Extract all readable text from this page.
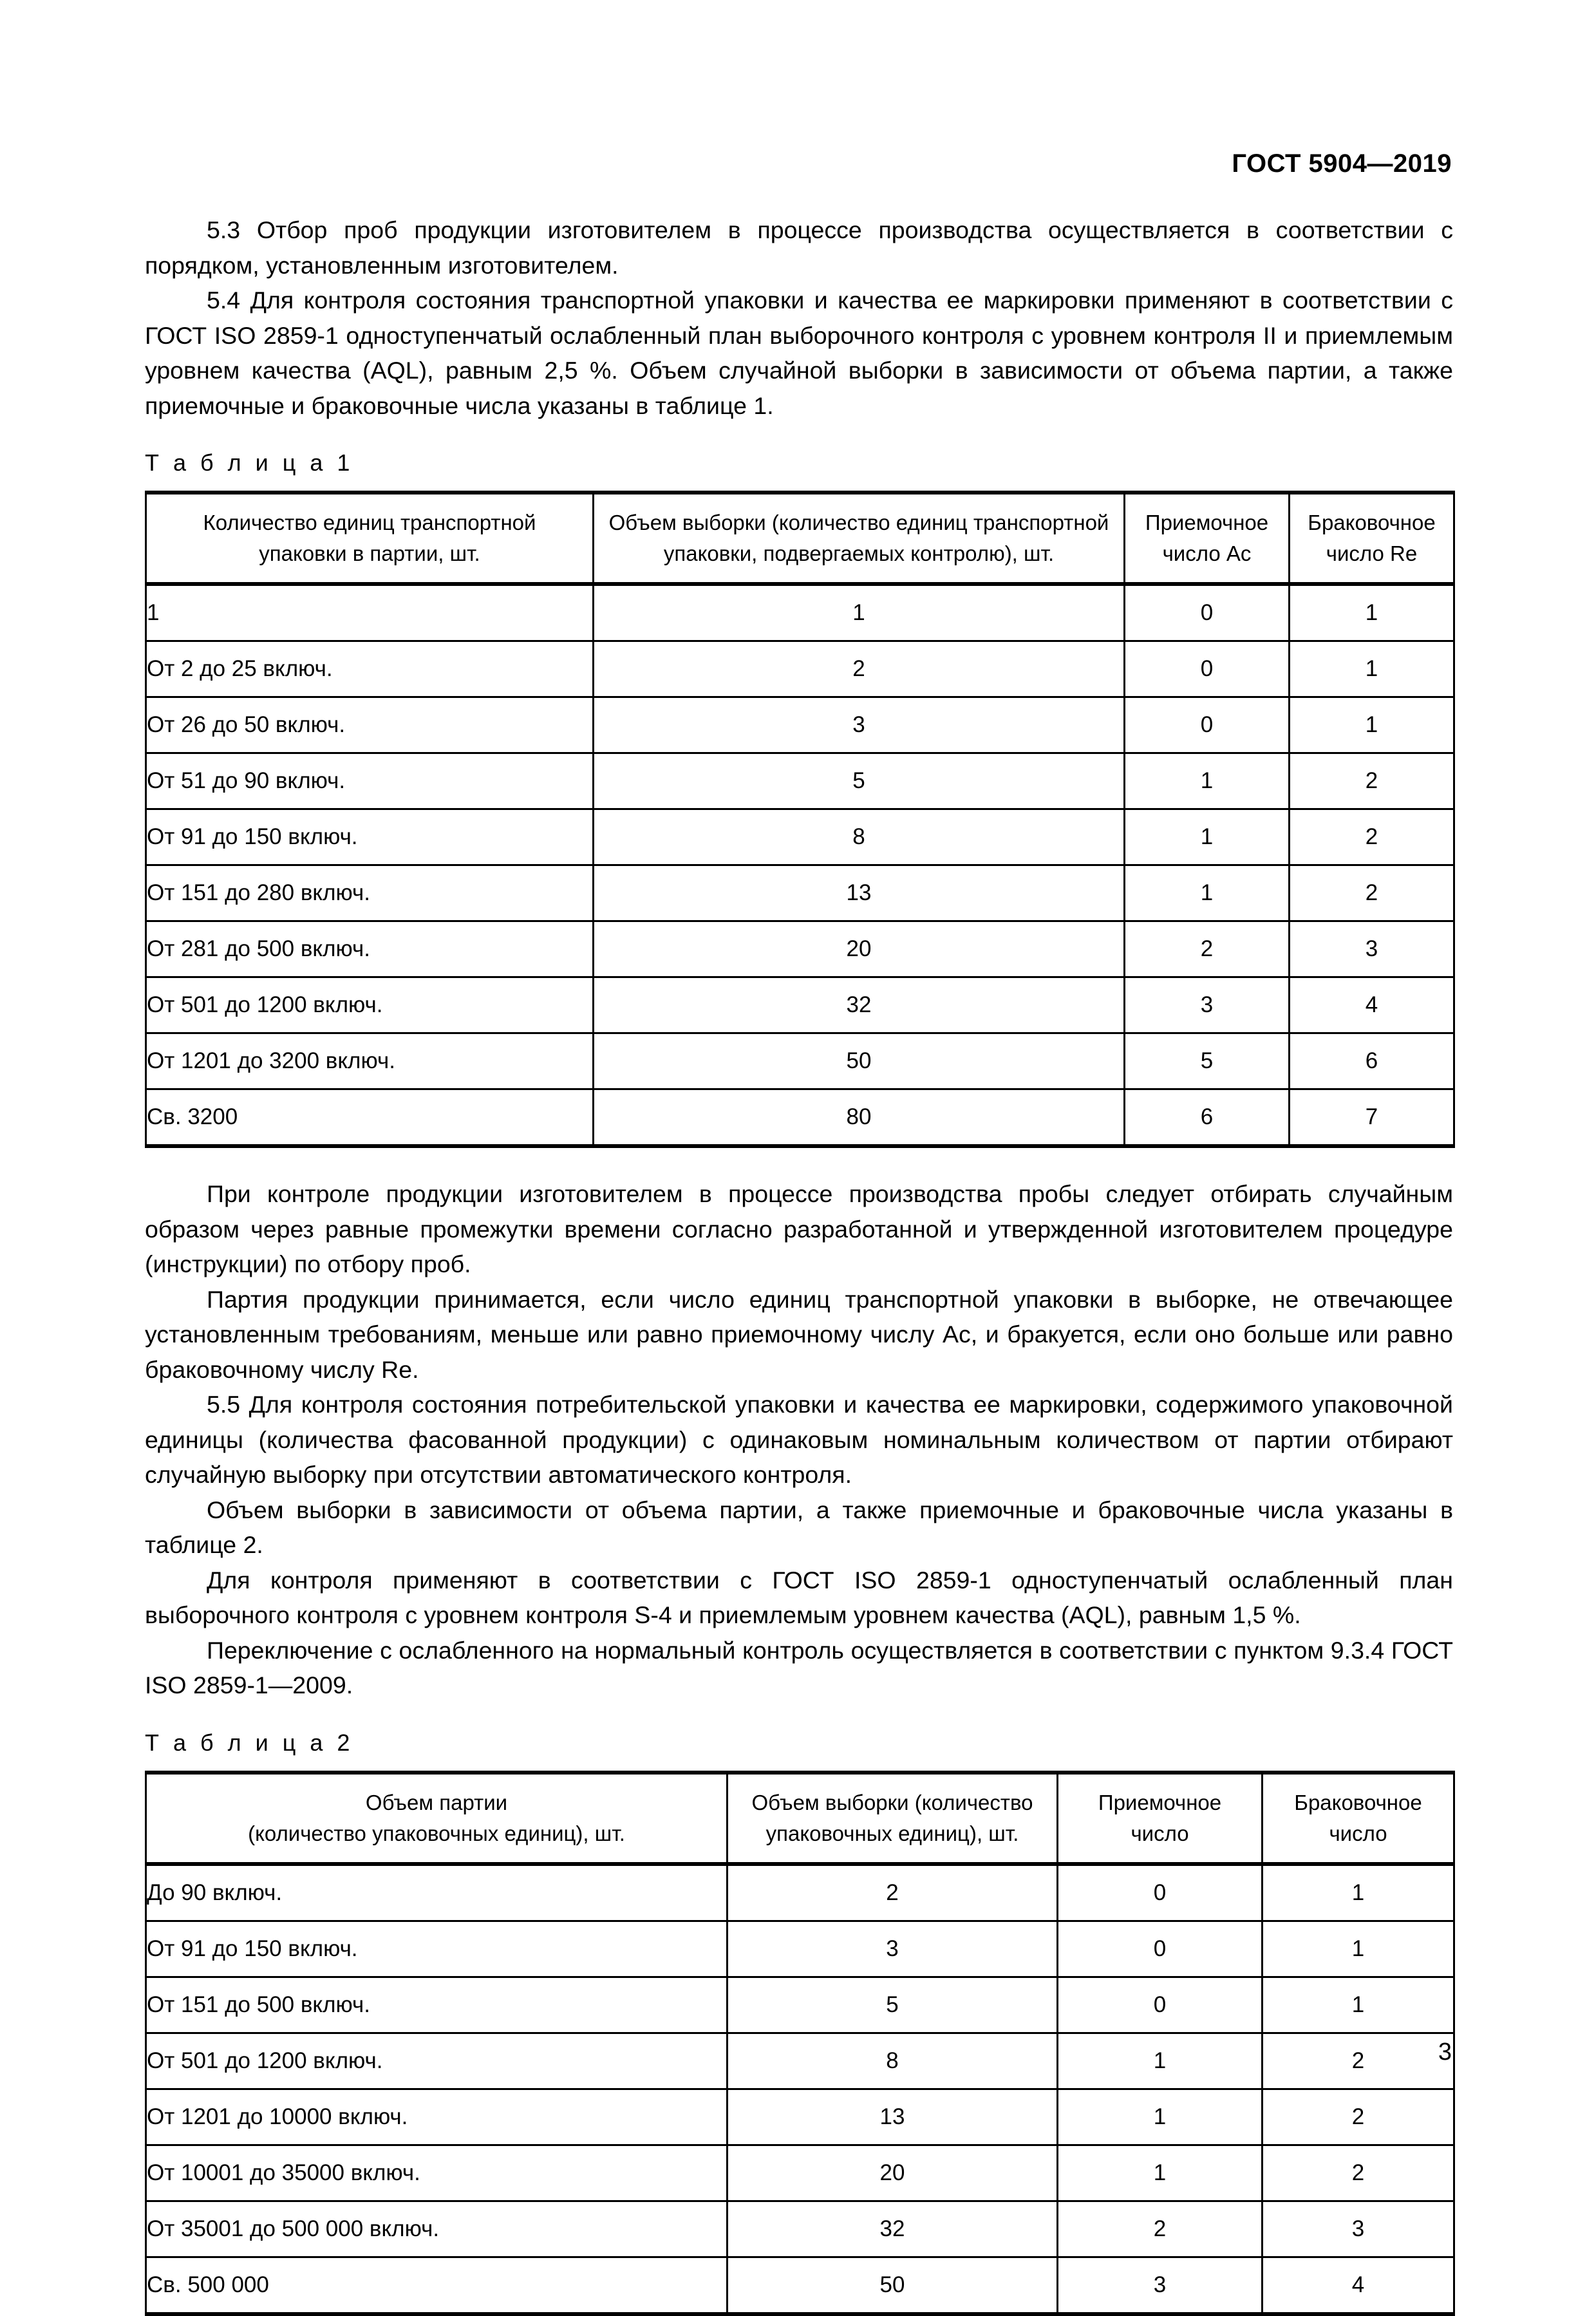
ГОСТ 5904—2019

5.3 Отбор проб продукции изготовителем в процессе производства осуществляется в соответствии с порядком, установленным изготовителем.

5.4 Для контроля состояния транспортной упаковки и качества ее маркировки применяют в соответствии с ГОСТ ISO 2859-1 одноступенчатый ослабленный план выборочного контроля с уровнем контроля II и приемлемым уровнем качества (AQL), равным 2,5 %. Объем случайной выборки в зависимости от объема партии, а также приемочные и браковочные числа указаны в таблице 1.

Т а б л и ц а 1

Количество единиц транспортной
упаковки в партии, шт.	Объем выборки (количество единиц транспортной
упаковки, подвергаемых контролю), шт.	Приемочное
число Ac	Браковочное
число Re
1	1	0	1
От 2 до 25 включ.	2	0	1
От 26 до 50 включ.	3	0	1
От 51 до 90 включ.	5	1	2
От 91 до 150 включ.	8	1	2
От 151 до 280 включ.	13	1	2
От 281 до 500 включ.	20	2	3
От 501 до 1200 включ.	32	3	4
От 1201 до 3200 включ.	50	5	6
Св. 3200	80	6	7

При контроле продукции изготовителем в процессе производства пробы следует отбирать случайным образом через равные промежутки времени согласно разработанной и утвержденной изготовителем процедуре (инструкции) по отбору проб.

Партия продукции принимается, если число единиц транспортной упаковки в выборке, не отвечающее установленным требованиям, меньше или равно приемочному числу Ac, и бракуется, если оно больше или равно браковочному числу Re.

5.5 Для контроля состояния потребительской упаковки и качества ее маркировки, содержимого упаковочной единицы (количества фасованной продукции) с одинаковым номинальным количеством от партии отбирают случайную выборку при отсутствии автоматического контроля.

Объем выборки в зависимости от объема партии, а также приемочные и браковочные числа указаны в таблице 2.

Для контроля применяют в соответствии с ГОСТ ISO 2859-1 одноступенчатый ослабленный план выборочного контроля с уровнем контроля S-4 и приемлемым уровнем качества (AQL), равным 1,5 %.

Переключение с ослабленного на нормальный контроль осуществляется в соответствии с пунктом 9.3.4 ГОСТ ISO 2859-1—2009.

Т а б л и ц а 2

Объем партии
(количество упаковочных единиц), шт.	Объем выборки (количество
упаковочных единиц), шт.	Приемочное
число	Браковочное
число
До 90 включ.	2	0	1
От 91 до 150 включ.	3	0	1
От 151 до 500 включ.	5	0	1
От 501 до 1200 включ.	8	1	2
От 1201 до 10000 включ.	13	1	2
От 10001 до 35000 включ.	20	1	2
От 35001 до 500 000 включ.	32	2	3
Св. 500 000	50	3	4
3
